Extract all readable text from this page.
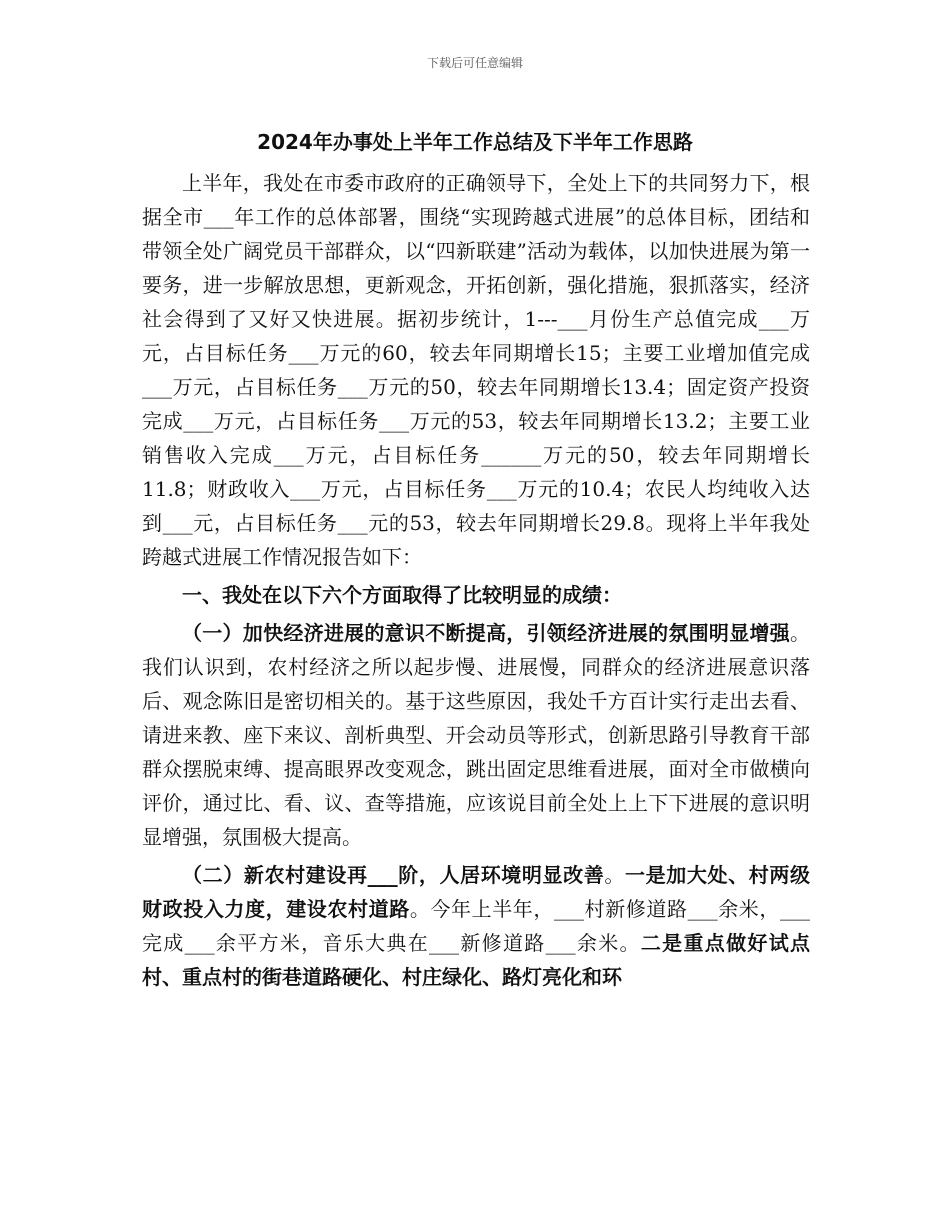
下载后可任意编辑
2024年办事处上半年工作总结及下半年工作思路

上半年，我处在市委市政府的正确领导下，全处上下的共同努力下，根据全市___年工作的总体部署，围绕“实现跨越式进展”的总体目标，团结和带领全处广阔党员干部群众，以“四新联建”活动为载体，以加快进展为第一要务，进一步解放思想，更新观念，开拓创新，强化措施，狠抓落实，经济社会得到了又好又快进展。据初步统计，1---___月份生产总值完成___万元，占目标任务___万元的60，较去年同期增长15；主要工业增加值完成___万元，占目标任务___万元的50，较去年同期增长13.4；固定资产投资完成___万元，占目标任务___万元的53，较去年同期增长13.2；主要工业销售收入完成___万元，占目标任务______万元的50，较去年同期增长11.8；财政收入___万元，占目标任务___万元的10.4；农民人均纯收入达到___元，占目标任务___元的53，较去年同期增长29.8。现将上半年我处跨越式进展工作情况报告如下：

一、我处在以下六个方面取得了比较明显的成绩：

（一）加快经济进展的意识不断提高，引领经济进展的氛围明显增强。我们认识到，农村经济之所以起步慢、进展慢，同群众的经济进展意识落后、观念陈旧是密切相关的。基于这些原因，我处千方百计实行走出去看、请进来教、座下来议、剖析典型、开会动员等形式，创新思路引导教育干部群众摆脱束缚、提高眼界改变观念，跳出固定思维看进展，面对全市做横向评价，通过比、看、议、查等措施，应该说目前全处上上下下进展的意识明显增强，氛围极大提高。

（二）新农村建设再___阶，人居环境明显改善。一是加大处、村两级财政投入力度，建设农村道路。今年上半年，___村新修道路___余米，___完成___余平方米，音乐大典在___新修道路___余米。二是重点做好试点村、重点村的街巷道路硬化、村庄绿化、路灯亮化和环
